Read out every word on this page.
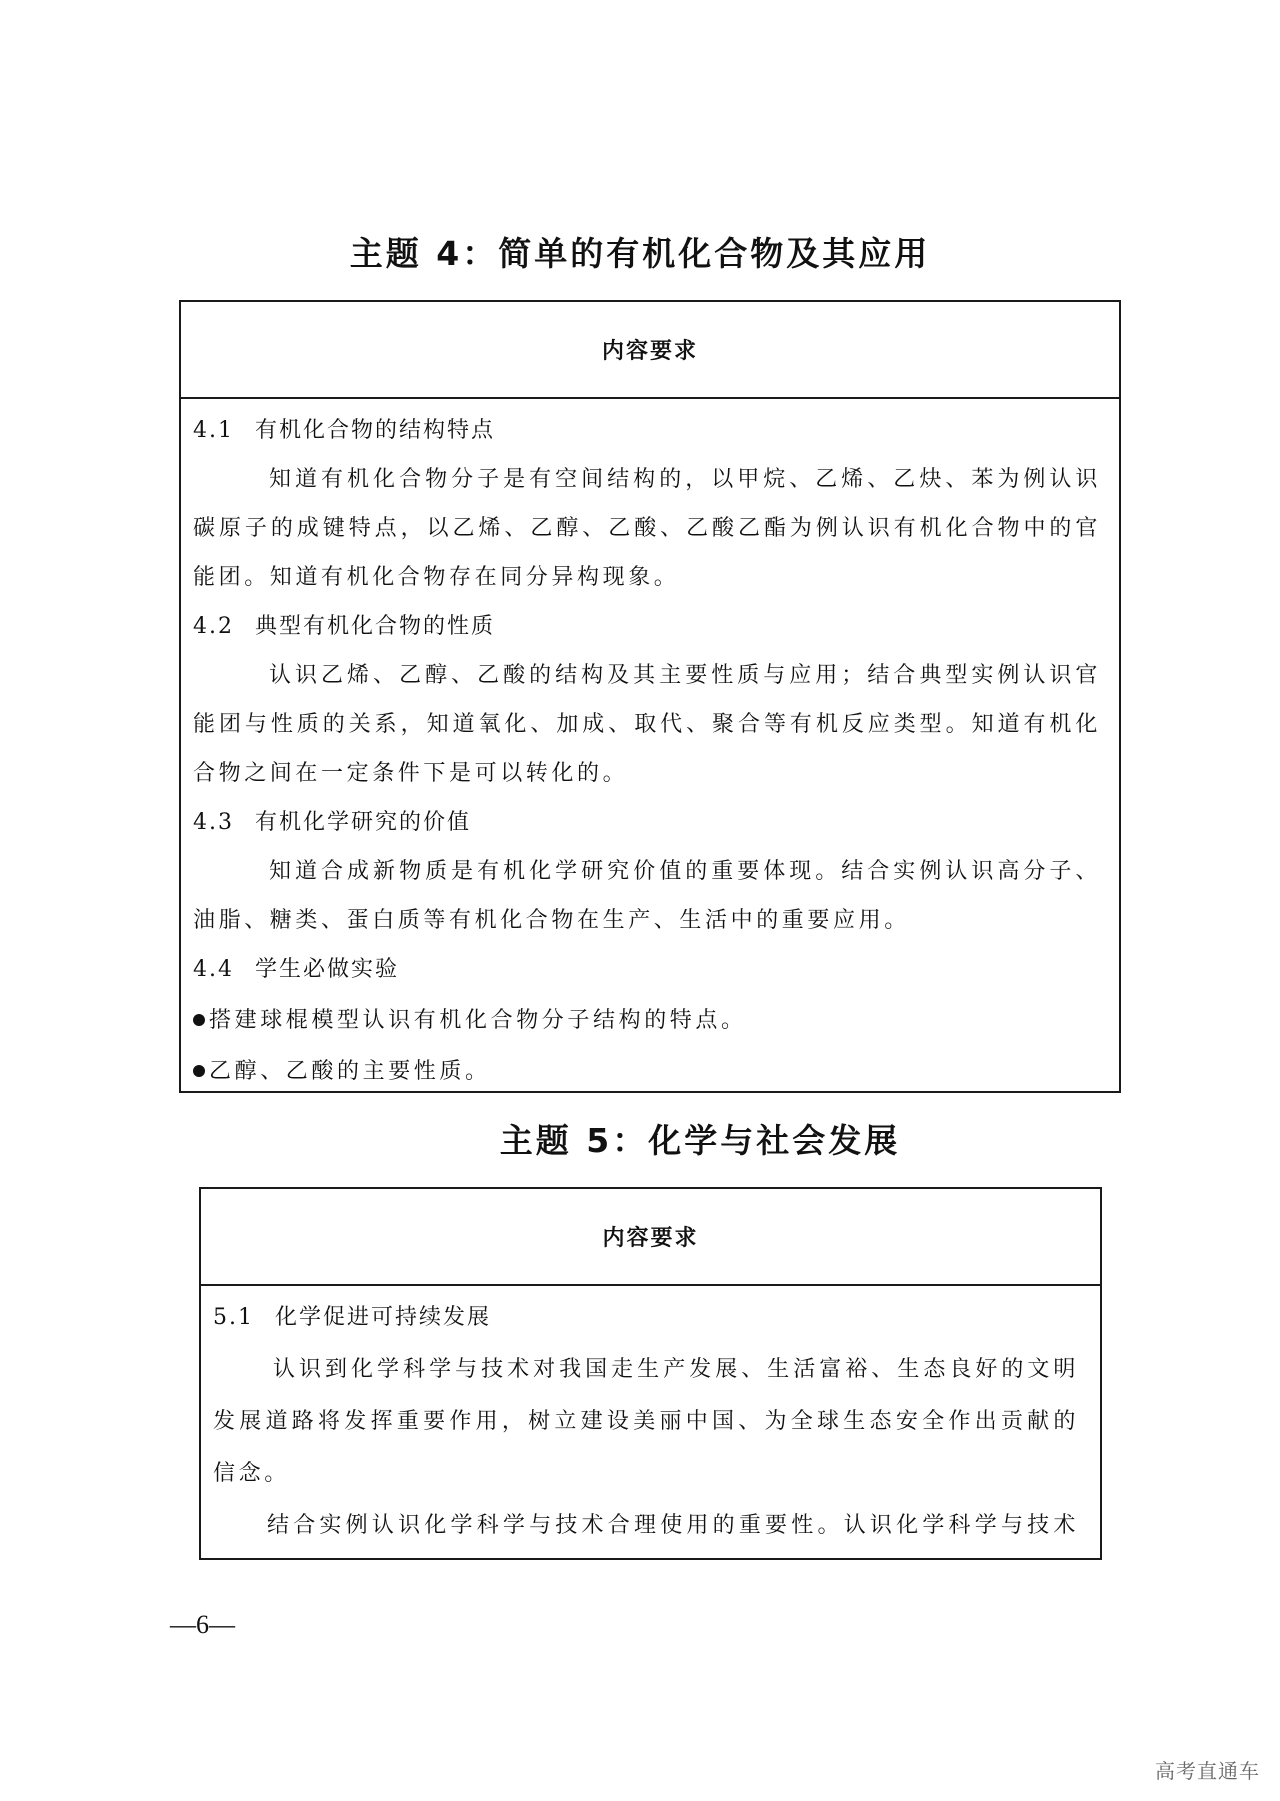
主题 4：简单的有机化合物及其应用
内容要求
4.1 有机化合物的结构特点
知道有机化合物分子是有空间结构的，以甲烷、乙烯、乙炔、苯为例认识
碳原子的成键特点，以乙烯、乙醇、乙酸、乙酸乙酯为例认识有机化合物中的官
能团。知道有机化合物存在同分异构现象。
4.2 典型有机化合物的性质
认识乙烯、乙醇、乙酸的结构及其主要性质与应用；结合典型实例认识官
能团与性质的关系，知道氧化、加成、取代、聚合等有机反应类型。知道有机化
合物之间在一定条件下是可以转化的。
4.3 有机化学研究的价值
知道合成新物质是有机化学研究价值的重要体现。结合实例认识高分子、
油脂、糖类、蛋白质等有机化合物在生产、生活中的重要应用。
4.4 学生必做实验
搭建球棍模型认识有机化合物分子结构的特点。
乙醇、乙酸的主要性质。
主题 5：化学与社会发展
内容要求
5.1 化学促进可持续发展
认识到化学科学与技术对我国走生产发展、生活富裕、生态良好的文明
发展道路将发挥重要作用，树立建设美丽中国、为全球生态安全作出贡献的
信念。
结合实例认识化学科学与技术合理使用的重要性。认识化学科学与技术
—6—
高考直通车
